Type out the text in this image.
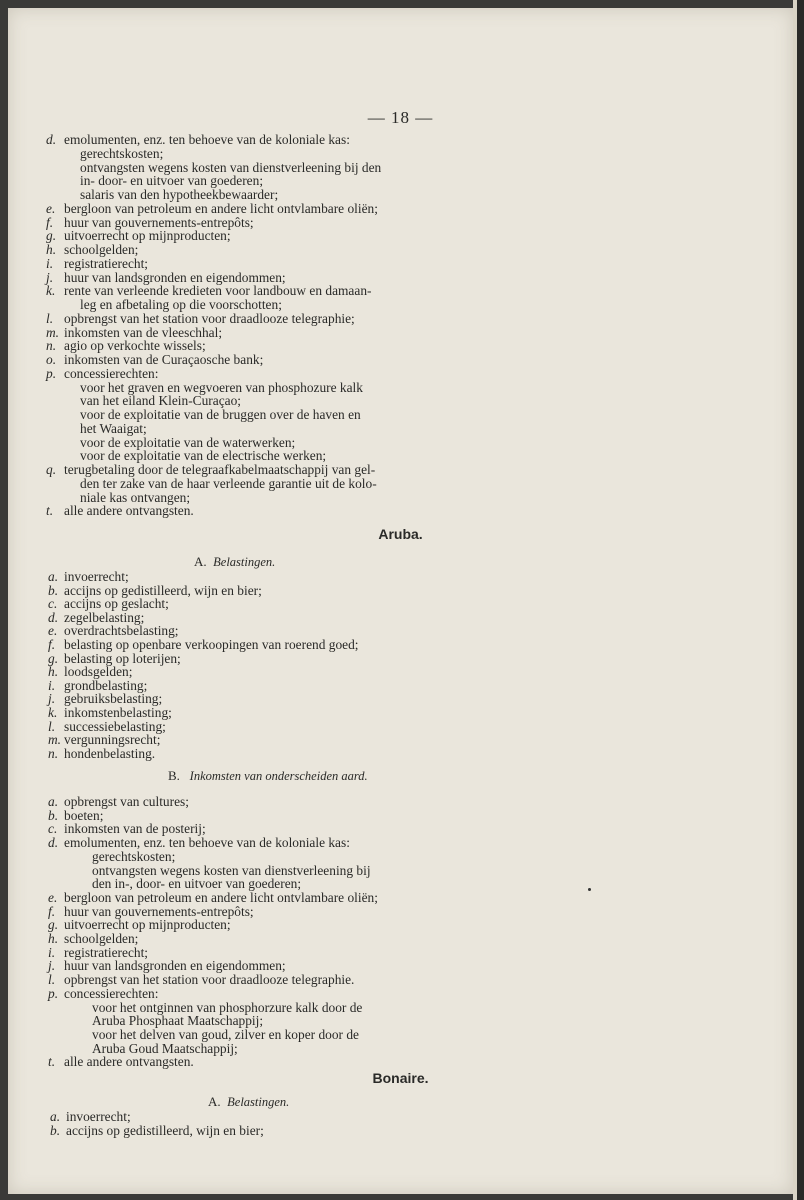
— 18 —
d. emolumenten, enz. ten behoeve van de koloniale kas:
gerechtskosten;
ontvangsten wegens kosten van dienstverleening bij den
in- door- en uitvoer van goederen;
salaris van den hypotheekbewaarder;
e. bergloon van petroleum en andere licht ontvlambare oliën;
f. huur van gouvernements-entrepôts;
g. uitvoerrecht op mijnproducten;
h. schoolgelden;
i. registratierecht;
j. huur van landsgronden en eigendommen;
k. rente van verleende kredieten voor landbouw en damaan-
leg en afbetaling op die voorschotten;
l. opbrengst van het station voor draadlooze telegraphie;
m. inkomsten van de vleeschhal;
n. agio op verkochte wissels;
o. inkomsten van de Curaçaosche bank;
p. concessierechten:
voor het graven en wegvoeren van phosphozure kalk
van het eiland Klein-Curaçao;
voor de exploitatie van de bruggen over de haven en
het Waaigat;
voor de exploitatie van de waterwerken;
voor de exploitatie van de electrische werken;
q. terugbetaling door de telegraafkabelmaatschappij van gel-
den ter zake van de haar verleende garantie uit de kolo-
niale kas ontvangen;
t. alle andere ontvangsten.
Aruba.
A. Belastingen.
a. invoerrecht;
b. accijns op gedistilleerd, wijn en bier;
c. accijns op geslacht;
d. zegelbelasting;
e. overdrachtsbelasting;
f. belasting op openbare verkoopingen van roerend goed;
g. belasting op loterijen;
h. loodsgelden;
i. grondbelasting;
j. gebruiksbelasting;
k. inkomstenbelasting;
l. successiebelasting;
m. vergunningsrecht;
n. hondenbelasting.
B. Inkomsten van onderscheiden aard.
a. opbrengst van cultures;
b. boeten;
c. inkomsten van de posterij;
d. emolumenten, enz. ten behoeve van de koloniale kas:
gerechtskosten;
ontvangsten wegens kosten van dienstverleening bij
den in-, door- en uitvoer van goederen;
e. bergloon van petroleum en andere licht ontvlambare oliën;
f. huur van gouvernements-entrepôts;
g. uitvoerrecht op mijnproducten;
h. schoolgelden;
i. registratierecht;
j. huur van landsgronden en eigendommen;
l. opbrengst van het station voor draadlooze telegraphie.
p. concessierechten:
voor het ontginnen van phosphorzure kalk door de
Aruba Phosphaat Maatschappij;
voor het delven van goud, zilver en koper door de
Aruba Goud Maatschappij;
t. alle andere ontvangsten.
Bonaire.
A. Belastingen.
a. invoerrecht;
b. accijns op gedistilleerd, wijn en bier;
